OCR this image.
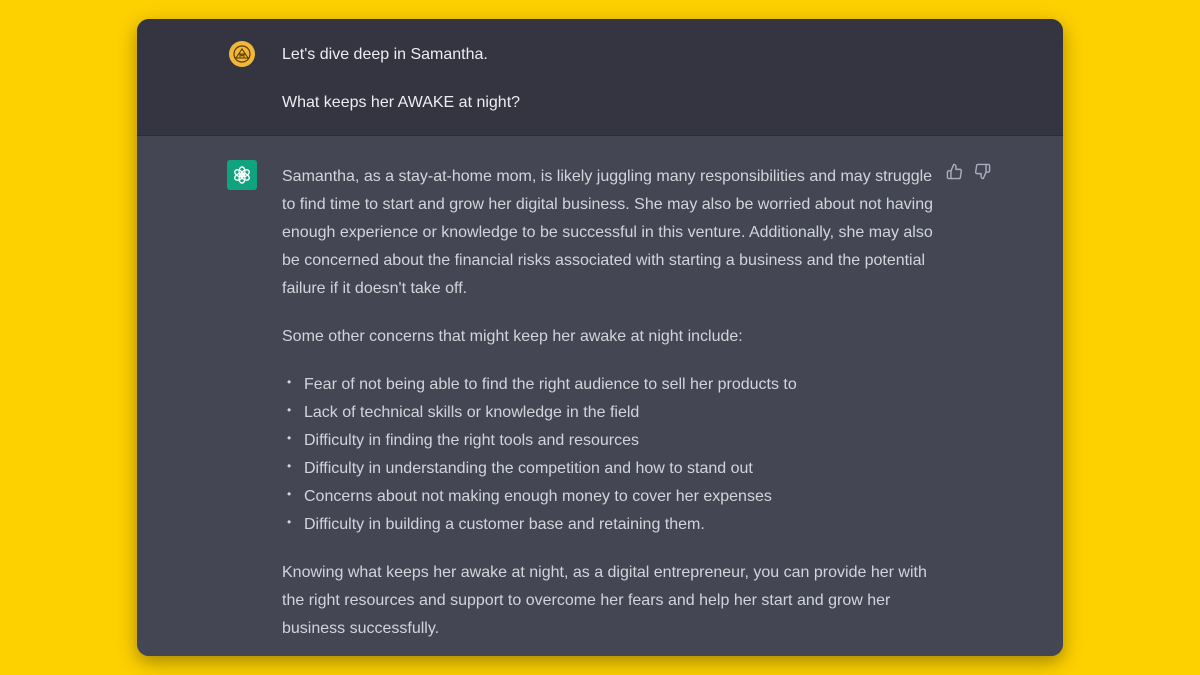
Let's dive deep in Samantha.

What keeps her AWAKE at night?

Samantha, as a stay-at-home mom, is likely juggling many responsibilities and may struggle to find time to start and grow her digital business. She may also be worried about not having enough experience or knowledge to be successful in this venture. Additionally, she may also be concerned about the financial risks associated with starting a business and the potential failure if it doesn't take off.

Some other concerns that might keep her awake at night include:

• Fear of not being able to find the right audience to sell her products to
• Lack of technical skills or knowledge in the field
• Difficulty in finding the right tools and resources
• Difficulty in understanding the competition and how to stand out
• Concerns about not making enough money to cover her expenses
• Difficulty in building a customer base and retaining them.

Knowing what keeps her awake at night, as a digital entrepreneur, you can provide her with the right resources and support to overcome her fears and help her start and grow her business successfully.
